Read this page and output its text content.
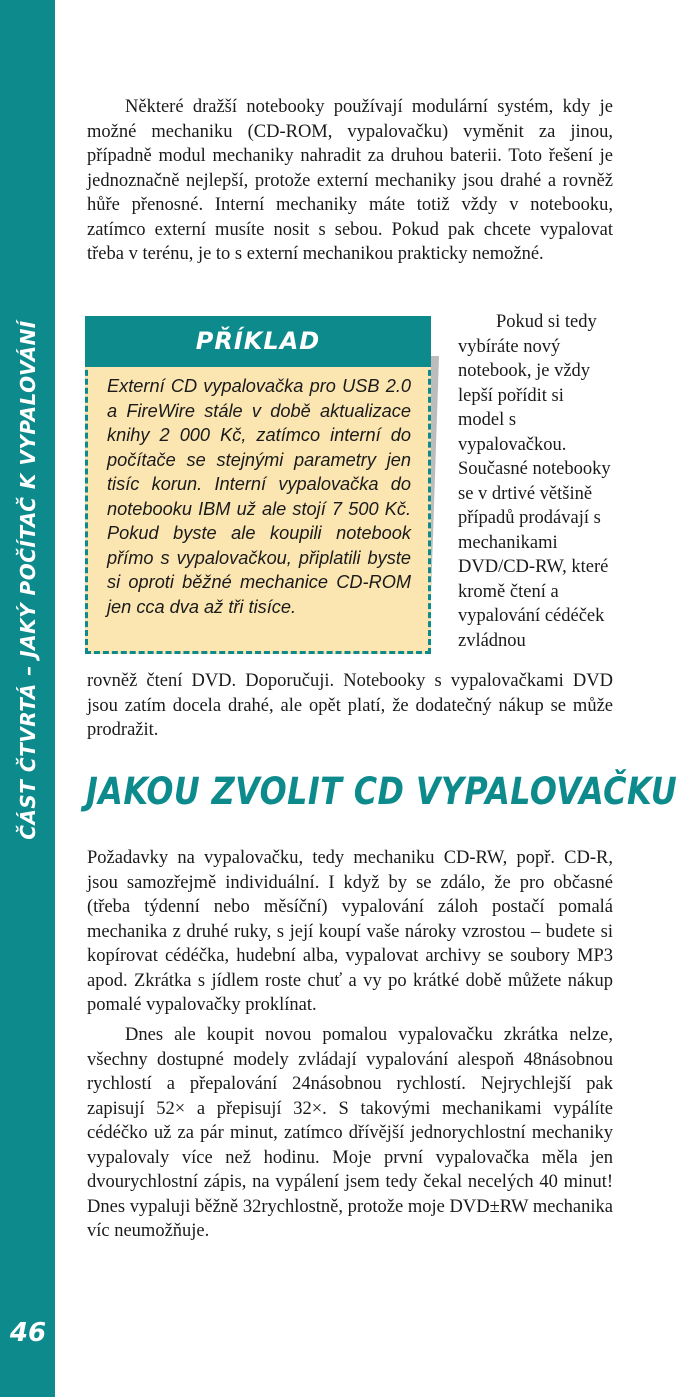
ČÁST ČTVRTÁ – JAKÝ POČÍTAČ K VYPALOVÁNÍ
46

Některé dražší notebooky používají modulární systém, kdy je možné mechaniku (CD-ROM, vypalovačku) vyměnit za jinou, případně modul mechaniky nahradit za druhou baterii. Toto řešení je jednoznačně nejlepší, protože externí mechaniky jsou drahé a rovněž hůře přenosné. Interní mechaniky máte totiž vždy v notebooku, zatímco externí musíte nosit s sebou. Pokud pak chcete vypalovat třeba v terénu, je to s externí mechanikou prakticky nemožné.

PŘÍKLAD

Externí CD vypalovačka pro USB 2.0 a FireWire stále v době aktualizace knihy 2 000 Kč, zatímco interní do počítače se stejnými parametry jen tisíc korun. Interní vypalovačka do notebooku IBM už ale stojí 7 500 Kč. Pokud byste ale koupili notebook přímo s vypalovačkou, připlatili byste si oproti běžné mechanice CD-ROM jen cca dva až tři tisíce.

Pokud si tedy vybíráte nový notebook, je vždy lepší pořídit si model s vypalovačkou. Současné notebooky se v drtivé většině případů prodávají s mechanikami DVD/CD-RW, které kromě čtení a vypalování cédéček zvládnou

rovněž čtení DVD. Doporučuji. Notebooky s vypalovačkami DVD jsou zatím docela drahé, ale opět platí, že dodatečný nákup se může prodražit.

JAKOU ZVOLIT CD VYPALOVAČKU

Požadavky na vypalovačku, tedy mechaniku CD-RW, popř. CD-R, jsou samozřejmě individuální. I když by se zdálo, že pro občasné (třeba týdenní nebo měsíční) vypalování záloh postačí pomalá mechanika z druhé ruky, s její koupí vaše nároky vzrostou – budete si kopírovat cédéčka, hudební alba, vypalovat archivy se soubory MP3 apod. Zkrátka s jídlem roste chuť a vy po krátké době můžete nákup pomalé vypalovačky proklínat.

Dnes ale koupit novou pomalou vypalovačku zkrátka nelze, všechny dostupné modely zvládají vypalování alespoň 48násobnou rychlostí a přepalování 24násobnou rychlostí. Nejrychlejší pak zapisují 52× a přepisují 32×. S takovými mechanikami vypálíte cédéčko už za pár minut, zatímco dřívější jednorychlostní mechaniky vypalovaly více než hodinu. Moje první vypalovačka měla jen dvourychlostní zápis, na vypálení jsem tedy čekal necelých 40 minut! Dnes vypaluji běžně 32rychlostně, protože moje DVD±RW mechanika víc neumožňuje.
